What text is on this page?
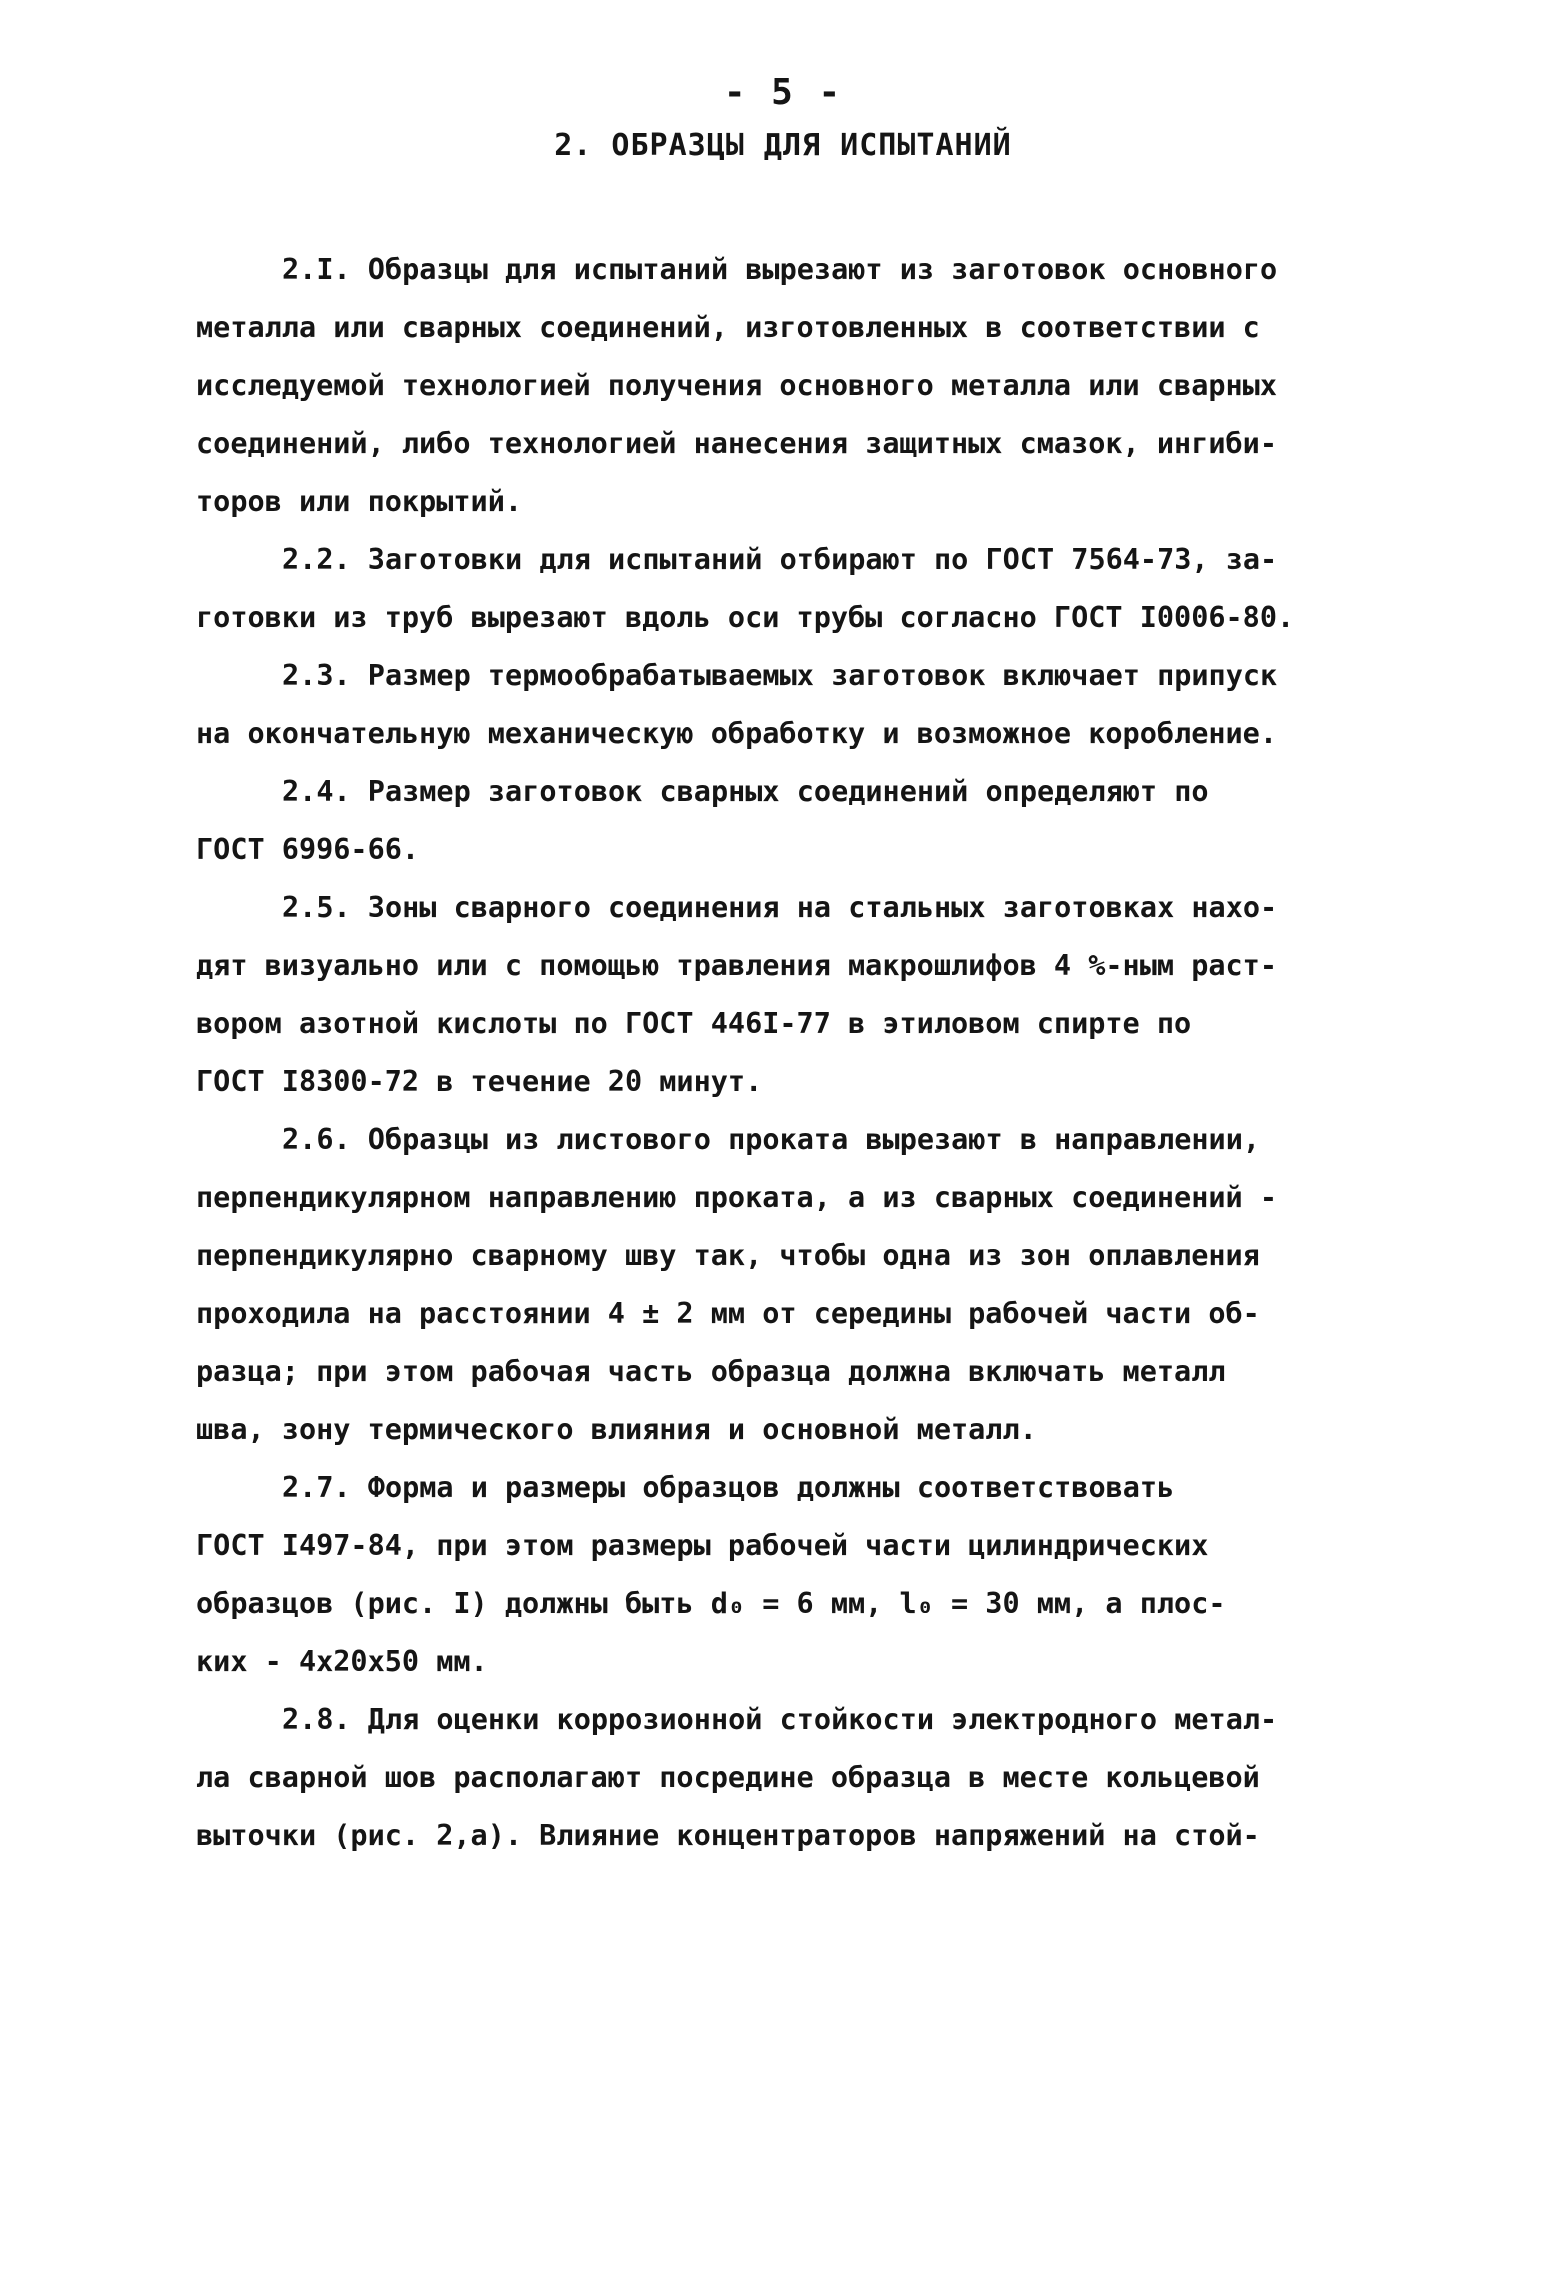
- 5 -
2. ОБРАЗЦЫ ДЛЯ ИСПЫТАНИЙ
2.I. Образцы для испытаний вырезают из заготовок основного
металла или сварных соединений, изготовленных в соответствии с
исследуемой технологией получения основного металла или сварных
соединений, либо технологией нанесения защитных смазок, ингиби-
торов или покрытий.
2.2. Заготовки для испытаний отбирают по ГОСТ 7564-73, за-
готовки из труб вырезают вдоль оси трубы согласно ГОСТ I0006-80.
2.3. Размер термообрабатываемых заготовок включает припуск
на окончательную механическую обработку и возможное коробление.
2.4. Размер заготовок сварных соединений определяют по
ГОСТ 6996-66.
2.5. Зоны сварного соединения на стальных заготовках нахо-
дят визуально или с помощью травления макрошлифов 4 %-ным раст-
вором азотной кислоты по ГОСТ 446I-77 в этиловом спирте по
ГОСТ I8300-72 в течение 20 минут.
2.6. Образцы из листового проката вырезают в направлении,
перпендикулярном направлению проката, а из сварных соединений -
перпендикулярно сварному шву так, чтобы одна из зон оплавления
проходила на расстоянии 4 ± 2 мм от середины рабочей части об-
разца; при этом рабочая часть образца должна включать металл
шва, зону термического влияния и основной металл.
2.7. Форма и размеры образцов должны соответствовать
ГОСТ I497-84, при этом размеры рабочей части цилиндрических
образцов (рис. I) должны быть d₀ = 6 мм, l₀ = 30 мм, а плос-
ких - 4x20x50 мм.
2.8. Для оценки коррозионной стойкости электродного метал-
ла сварной шов располагают посредине образца в месте кольцевой
выточки (рис. 2,а). Влияние концентраторов напряжений на стой-
